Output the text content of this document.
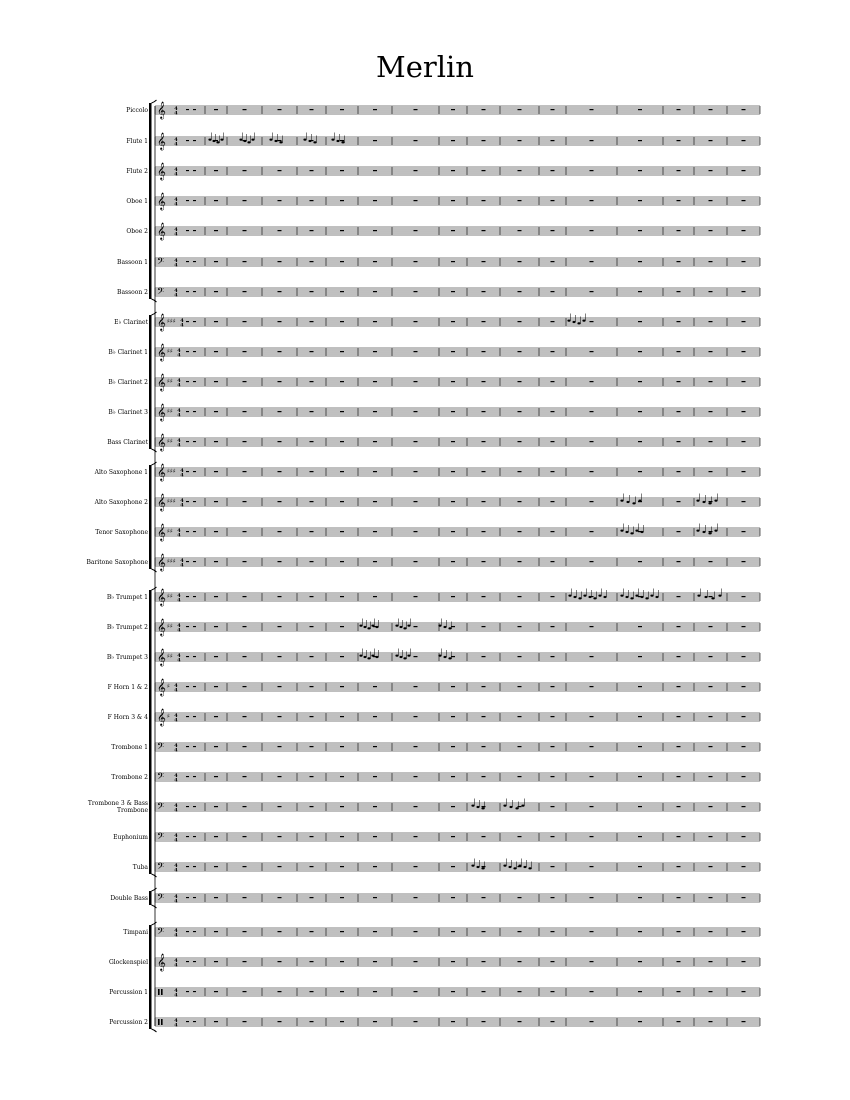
Merlin
Piccolo
Flute 1
Flute 2
Oboe 1
Oboe 2
Bassoon 1
Bassoon 2
E♭ Clarinet
B♭ Clarinet 1
B♭ Clarinet 2
B♭ Clarinet 3
Bass Clarinet
Alto Saxophone 1
Alto Saxophone 2
Tenor Saxophone
Baritone Saxophone
B♭ Trumpet 1
B♭ Trumpet 2
B♭ Trumpet 3
F Horn 1 & 2
F Horn 3 & 4
Trombone 1
Trombone 2
Trombone 3 & Bass Trombone
Euphonium
Tuba
Double Bass
Timpani
Glockenspiel
Percussion 1
Percussion 2
𝄞 4
4
𝄞 4
4
𝄞 4
4
𝄞 4
4
𝄞 4
4
𝄢 4
4
𝄢 4
4
𝄞 ♯♯♯ 4
4
𝄞 ♯♯ 4
4
𝄞 ♯♯ 4
4
𝄞 ♯♯ 4
4
𝄞 ♯♯ 4
4
𝄞 ♯♯♯ 4
4
𝄞 ♯♯♯ 4
4
𝄞 ♯♯ 4
4
𝄞 ♯♯♯ 4
4
𝄞 ♯♯ 4
4
𝄞 ♯♯ 4
4
𝄞 ♯♯ 4
4
𝄞 ♯ 4
4
𝄞 ♯ 4
4
𝄢 4
4
𝄢 4
4
𝄢 4
4
𝄢 4
4
𝄢 4
4
𝄢 4
4
𝄢 4
4
𝄞 4
4
4
4
4
4
